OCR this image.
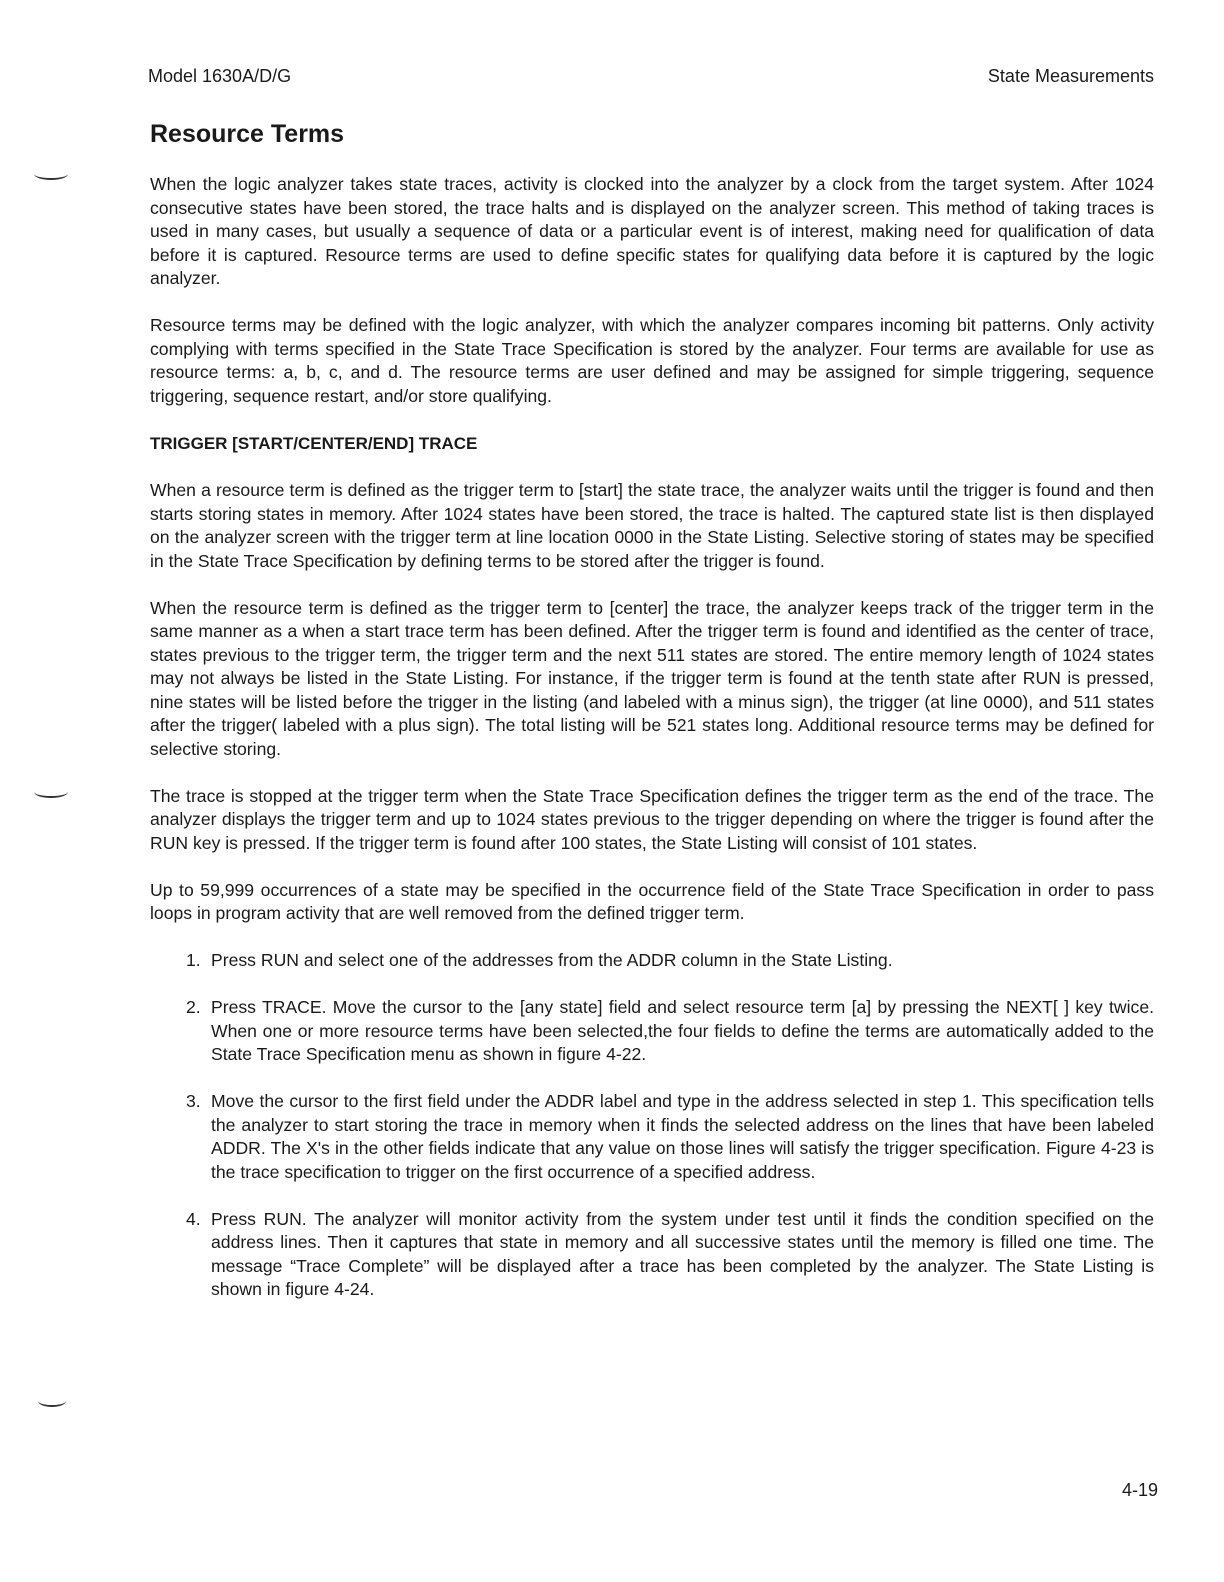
Model 1630A/D/G	State Measurements
Resource Terms

When the logic analyzer takes state traces, activity is clocked into the analyzer by a clock from the target system. After 1024 consecutive states have been stored, the trace halts and is displayed on the analyzer screen. This method of taking traces is used in many cases, but usually a sequence of data or a particular event is of interest, making need for qualification of data before it is captured. Resource terms are used to define specific states for qualifying data before it is captured by the logic analyzer.

Resource terms may be defined with the logic analyzer, with which the analyzer compares incoming bit patterns. Only activity complying with terms specified in the State Trace Specification is stored by the analyzer. Four terms are available for use as resource terms: a, b, c, and d. The resource terms are user defined and may be assigned for simple triggering, sequence triggering, sequence restart, and/or store qualifying.

TRIGGER [START/CENTER/END] TRACE

When a resource term is defined as the trigger term to [start] the state trace, the analyzer waits until the trigger is found and then starts storing states in memory. After 1024 states have been stored, the trace is halted. The captured state list is then displayed on the analyzer screen with the trigger term at line location 0000 in the State Listing. Selective storing of states may be specified in the State Trace Specification by defining terms to be stored after the trigger is found.

When the resource term is defined as the trigger term to [center] the trace, the analyzer keeps track of the trigger term in the same manner as a when a start trace term has been defined. After the trigger term is found and identified as the center of trace, states previous to the trigger term, the trigger term and the next 511 states are stored. The entire memory length of 1024 states may not always be listed in the State Listing. For instance, if the trigger term is found at the tenth state after RUN is pressed, nine states will be listed before the trigger in the listing (and labeled with a minus sign), the trigger (at line 0000), and 511 states after the trigger( labeled with a plus sign). The total listing will be 521 states long. Additional resource terms may be defined for selective storing.

The trace is stopped at the trigger term when the State Trace Specification defines the trigger term as the end of the trace. The analyzer displays the trigger term and up to 1024 states previous to the trigger depending on where the trigger is found after the RUN key is pressed. If the trigger term is found after 100 states, the State Listing will consist of 101 states.

Up to 59,999 occurrences of a state may be specified in the occurrence field of the State Trace Specification in order to pass loops in program activity that are well removed from the defined trigger term.

1. Press RUN and select one of the addresses from the ADDR column in the State Listing.
2. Press TRACE. Move the cursor to the [any state] field and select resource term [a] by pressing the NEXT[ ] key twice. When one or more resource terms have been selected,the four fields to define the terms are automatically added to the State Trace Specification menu as shown in figure 4-22.
3. Move the cursor to the first field under the ADDR label and type in the address selected in step 1. This specification tells the analyzer to start storing the trace in memory when it finds the selected address on the lines that have been labeled ADDR. The X's in the other fields indicate that any value on those lines will satisfy the trigger specification. Figure 4-23 is the trace specification to trigger on the first occurrence of a specified address.
4. Press RUN. The analyzer will monitor activity from the system under test until it finds the condition specified on the address lines. Then it captures that state in memory and all successive states until the memory is filled one time. The message “Trace Complete” will be displayed after a trace has been completed by the analyzer. The State Listing is shown in figure 4-24.
4-19
